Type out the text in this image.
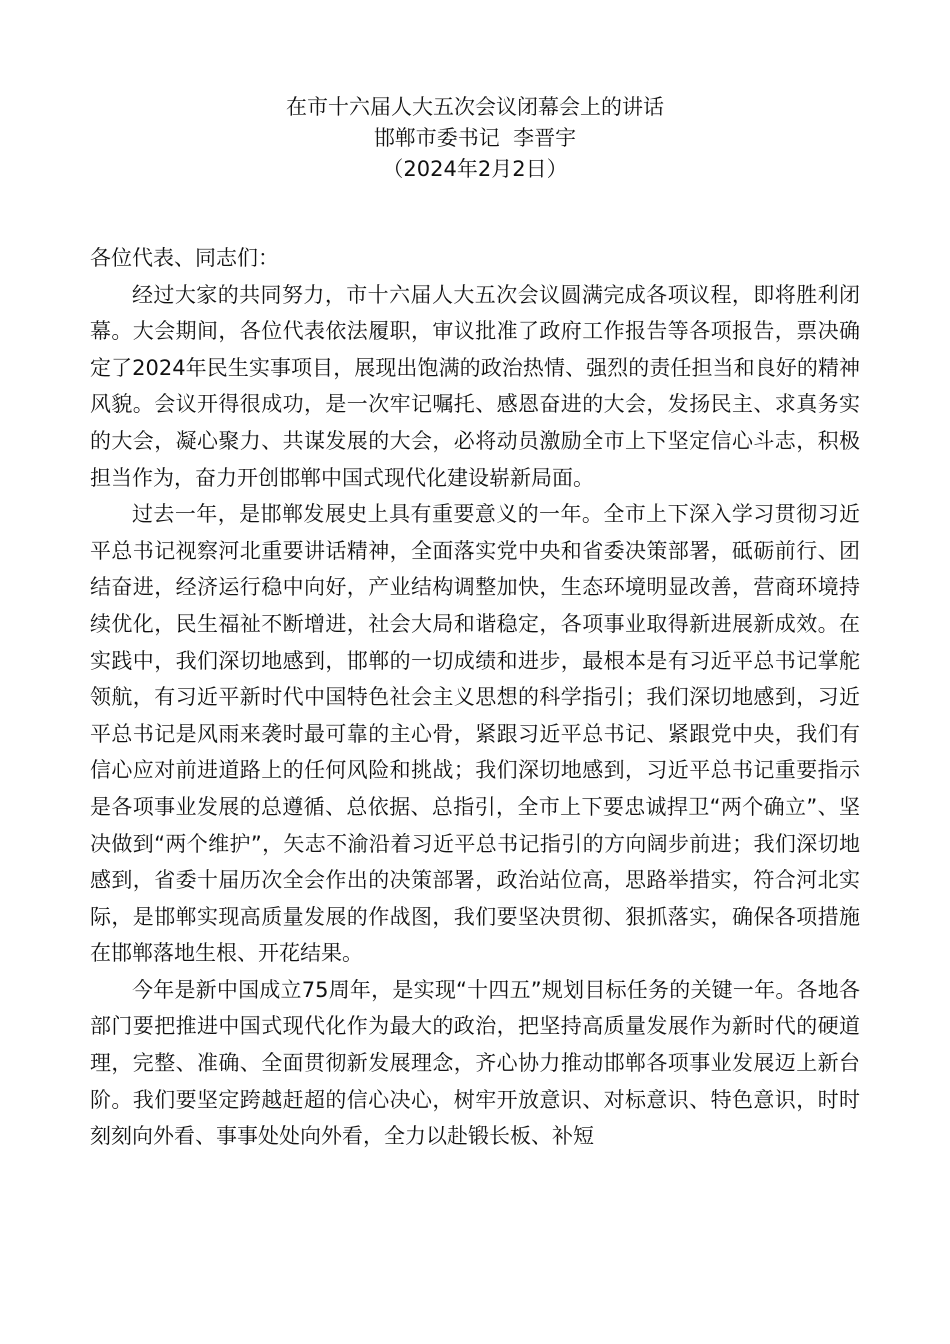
在市十六届人大五次会议闭幕会上的讲话
邯郸市委书记  李晋宇
（2024年2月2日）

各位代表、同志们：

经过大家的共同努力，市十六届人大五次会议圆满完成各项议程，即将胜利闭幕。大会期间，各位代表依法履职，审议批准了政府工作报告等各项报告，票决确定了2024年民生实事项目，展现出饱满的政治热情、强烈的责任担当和良好的精神风貌。会议开得很成功，是一次牢记嘱托、感恩奋进的大会，发扬民主、求真务实的大会，凝心聚力、共谋发展的大会，必将动员激励全市上下坚定信心斗志，积极担当作为，奋力开创邯郸中国式现代化建设崭新局面。

过去一年，是邯郸发展史上具有重要意义的一年。全市上下深入学习贯彻习近平总书记视察河北重要讲话精神，全面落实党中央和省委决策部署，砥砺前行、团结奋进，经济运行稳中向好，产业结构调整加快，生态环境明显改善，营商环境持续优化，民生福祉不断增进，社会大局和谐稳定，各项事业取得新进展新成效。在实践中，我们深切地感到，邯郸的一切成绩和进步，最根本是有习近平总书记掌舵领航，有习近平新时代中国特色社会主义思想的科学指引；我们深切地感到，习近平总书记是风雨来袭时最可靠的主心骨，紧跟习近平总书记、紧跟党中央，我们有信心应对前进道路上的任何风险和挑战；我们深切地感到，习近平总书记重要指示是各项事业发展的总遵循、总依据、总指引，全市上下要忠诚捍卫“两个确立”、坚决做到“两个维护”，矢志不渝沿着习近平总书记指引的方向阔步前进；我们深切地感到，省委十届历次全会作出的决策部署，政治站位高，思路举措实，符合河北实际，是邯郸实现高质量发展的作战图，我们要坚决贯彻、狠抓落实，确保各项措施在邯郸落地生根、开花结果。

今年是新中国成立75周年，是实现“十四五”规划目标任务的关键一年。各地各部门要把推进中国式现代化作为最大的政治，把坚持高质量发展作为新时代的硬道理，完整、准确、全面贯彻新发展理念，齐心协力推动邯郸各项事业发展迈上新台阶。我们要坚定跨越赶超的信心决心，树牢开放意识、对标意识、特色意识，时时刻刻向外看、事事处处向外看，全力以赴锻长板、补短
